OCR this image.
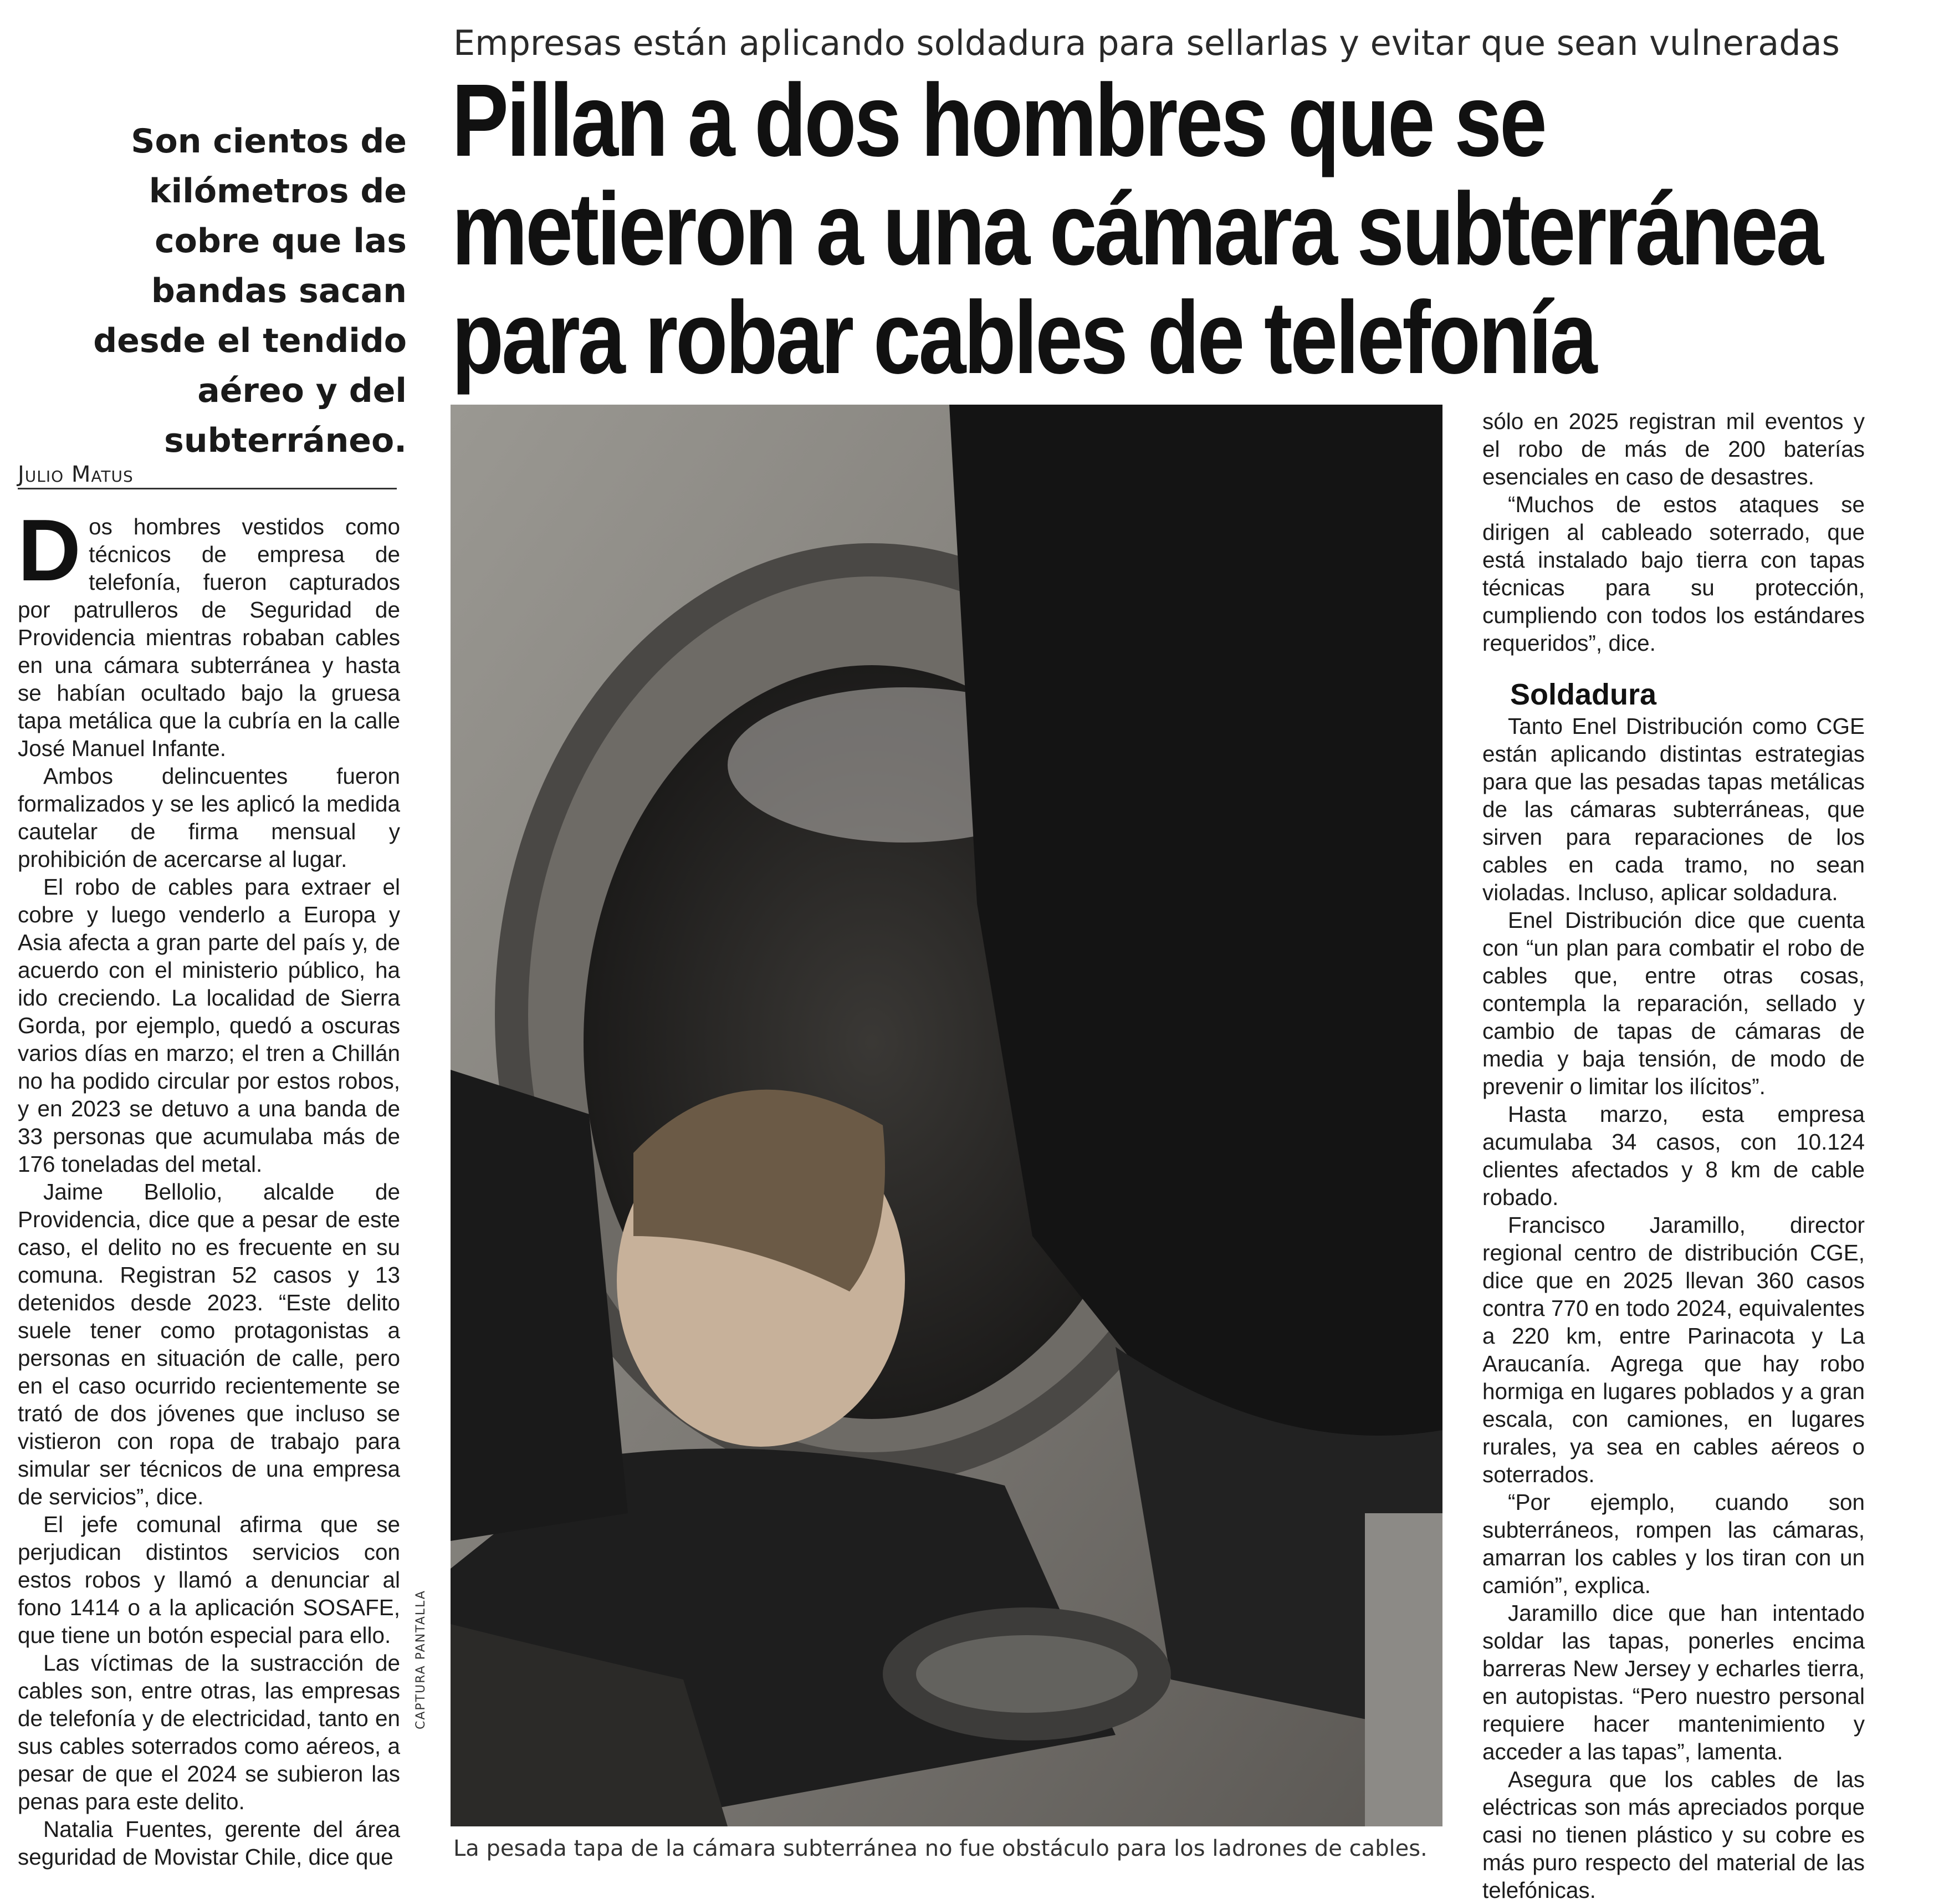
Empresas están aplicando soldadura para sellarlas y evitar que sean vulneradas
Pillan a dos hombres que se
metieron a una cámara subterránea
para robar cables de telefonía
Son cientos de kilómetros de cobre que las bandas sacan desde el tendido aéreo y del subterráneo.
Julio Matus

Dos hombres vestidos como técnicos de empresa de telefonía, fueron capturados por patrulleros de Seguridad de Providencia mientras robaban cables en una cámara subterránea y hasta se habían ocultado bajo la gruesa tapa metálica que la cubría en la calle José Manuel Infante.

Ambos delincuentes fueron formalizados y se les aplicó la medida cautelar de firma mensual y prohibición de acercarse al lugar.

El robo de cables para extraer el cobre y luego venderlo a Europa y Asia afecta a gran parte del país y, de acuerdo con el ministerio público, ha ido creciendo. La localidad de Sierra Gorda, por ejemplo, quedó a oscuras varios días en marzo; el tren a Chillán no ha podido circular por estos robos, y en 2023 se detuvo a una banda de 33 personas que acumulaba más de 176 toneladas del metal.

Jaime Bellolio, alcalde de Providencia, dice que a pesar de este caso, el delito no es frecuente en su comuna. Registran 52 casos y 13 detenidos desde 2023. “Este delito suele tener como protagonistas a personas en situación de calle, pero en el caso ocurrido recientemente se trató de dos jóvenes que incluso se vistieron con ropa de trabajo para simular ser técnicos de una empresa de servicios”, dice.

El jefe comunal afirma que se perjudican distintos servicios con estos robos y llamó a denunciar al fono 1414 o a la aplicación SOSAFE, que tiene un botón especial para ello.

Las víctimas de la sustracción de cables son, entre otras, las empresas de telefonía y de electricidad, tanto en sus cables soterrados como aéreos, a pesar de que el 2024 se subieron las penas para este delito.

Natalia Fuentes, gerente del área seguridad de Movistar Chile, dice que

CAPTURA PANTALLA
La pesada tapa de la cámara subterránea no fue obstáculo para los ladrones de cables.

sólo en 2025 registran mil eventos y el robo de más de 200 baterías esenciales en caso de desastres.

“Muchos de estos ataques se dirigen al cableado soterrado, que está instalado bajo tierra con tapas técnicas para su protección, cumpliendo con todos los estándares requeridos”, dice.

Soldadura

Tanto Enel Distribución como CGE están aplicando distintas estrategias para que las pesadas tapas metálicas de las cámaras subterráneas, que sirven para reparaciones de los cables en cada tramo, no sean violadas. Incluso, aplicar soldadura.

Enel Distribución dice que cuenta con “un plan para combatir el robo de cables que, entre otras cosas, contempla la reparación, sellado y cambio de tapas de cámaras de media y baja tensión, de modo de prevenir o limitar los ilícitos”.

Hasta marzo, esta empresa acumulaba 34 casos, con 10.124 clientes afectados y 8 km de cable robado.

Francisco Jaramillo, director regional centro de distribución CGE, dice que en 2025 llevan 360 casos contra 770 en todo 2024, equivalentes a 220 km, entre Parinacota y La Araucanía. Agrega que hay robo hormiga en lugares poblados y a gran escala, con camiones, en lugares rurales, ya sea en cables aéreos o soterrados.

“Por ejemplo, cuando son subterráneos, rompen las cámaras, amarran los cables y los tiran con un camión”, explica.

Jaramillo dice que han intentado soldar las tapas, ponerles encima barreras New Jersey y echarles tierra, en autopistas. “Pero nuestro personal requiere hacer mantenimiento y acceder a las tapas”, lamenta.

Asegura que los cables de las eléctricas son más apreciados porque casi no tienen plástico y su cobre es más puro respecto del material de las telefónicas.
